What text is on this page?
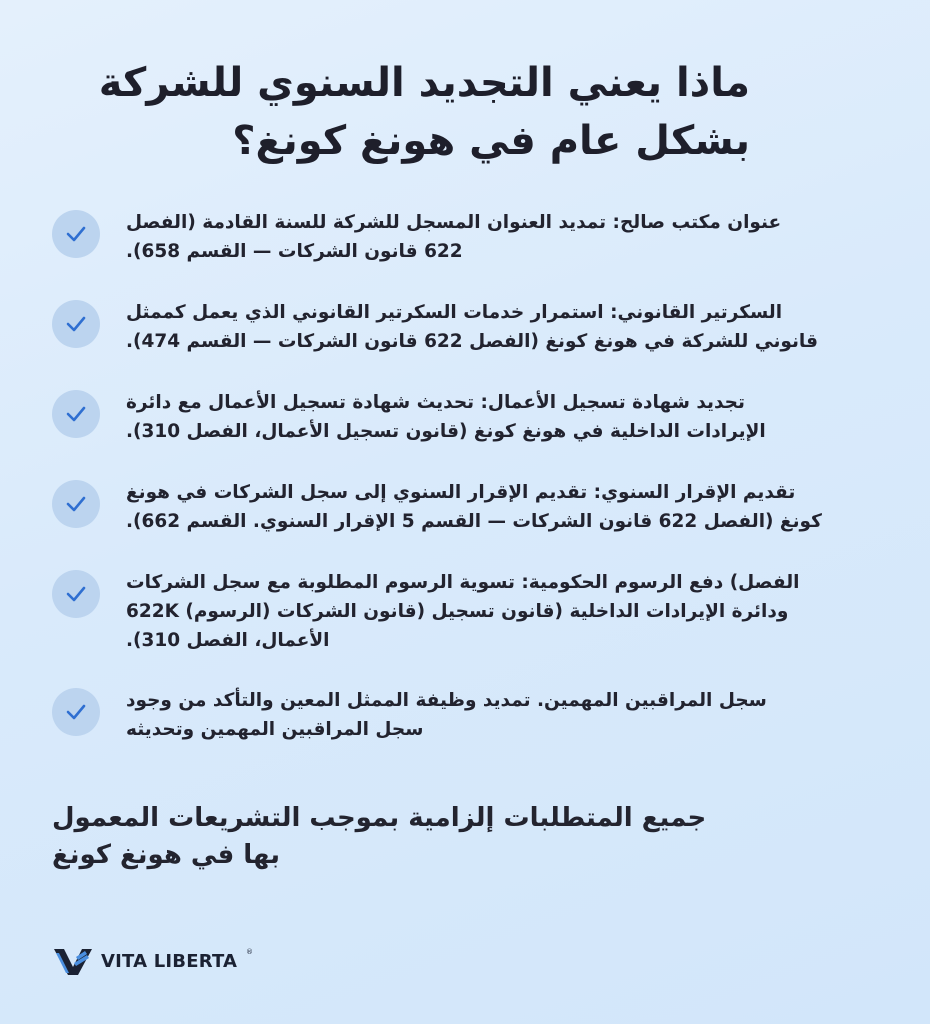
ماذا يعني التجديد السنوي للشركة
بشكل عام في هونغ كونغ؟
عنوان مكتب صالح: تمديد العنوان المسجل للشركة للسنة القادمة (الفصل
622 قانون الشركات — القسم 658).
السكرتير القانوني: استمرار خدمات السكرتير القانوني الذي يعمل كممثل
قانوني للشركة في هونغ كونغ (الفصل 622 قانون الشركات — القسم 474).
تجديد شهادة تسجيل الأعمال: تحديث شهادة تسجيل الأعمال مع دائرة
الإيرادات الداخلية في هونغ كونغ (قانون تسجيل الأعمال، الفصل 310).
تقديم الإقرار السنوي: تقديم الإقرار السنوي إلى سجل الشركات في هونغ
كونغ (الفصل 622 قانون الشركات — القسم 5 الإقرار السنوي. القسم 662).
الفصل) دفع الرسوم الحكومية: تسوية الرسوم المطلوبة مع سجل الشركات
ودائرة الإيرادات الداخلية (قانون تسجيل (قانون الشركات (الرسوم) 622K
الأعمال، الفصل 310).
سجل المراقبين المهمين. تمديد وظيفة الممثل المعين والتأكد من وجود
سجل المراقبين المهمين وتحديثه
جميع المتطلبات إلزامية بموجب التشريعات المعمول
بها في هونغ كونغ
VITA LIBERTA ®
